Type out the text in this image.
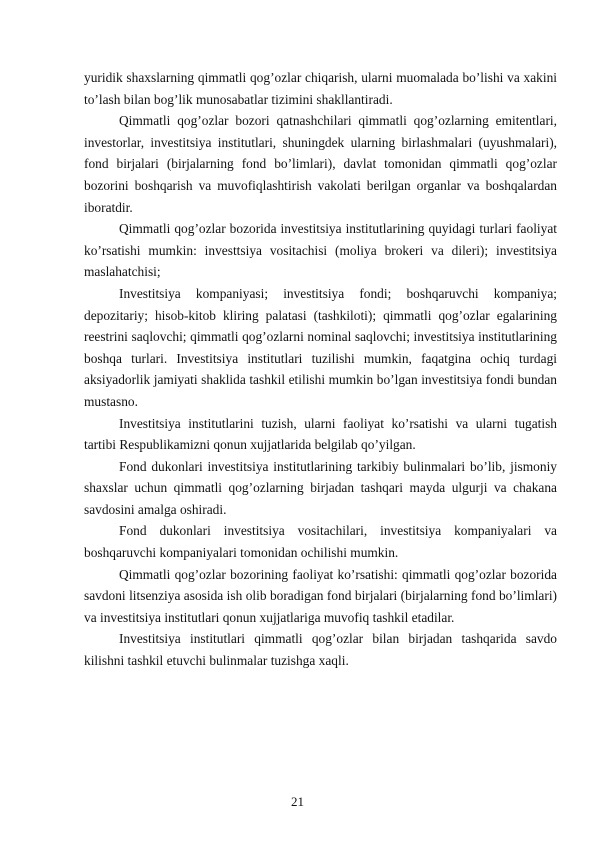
yuridik shaxslarning qimmatli qog’ozlar chiqarish, ularni muomalada bo’lishi va xakini to’lash bilan bog’lik munosabatlar tizimini shakllantiradi.

Qimmatli qog’ozlar bozori qatnashchilari qimmatli qog’ozlarning emitentlari, investorlar, investitsiya institutlari, shuningdek ularning birlashmalari (uyushmalari), fond birjalari (birjalarning fond bo’limlari), davlat tomonidan qimmatli qog’ozlar bozorini boshqarish va muvofiqlashtirish vakolati berilgan organlar va boshqalardan iboratdir.

Qimmatli qog’ozlar bozorida investitsiya institutlarining quyidagi turlari faoliyat ko’rsatishi mumkin: investtsiya vositachisi (moliya brokeri va dileri); investitsiya maslahatchisi;

Investitsiya kompaniyasi; investitsiya fondi; boshqaruvchi kompaniya; depozitariy; hisob-kitob kliring palatasi (tashkiloti); qimmatli qog’ozlar egalarining reestrini saqlovchi; qimmatli qog’ozlarni nominal saqlovchi; investitsiya institutlarining boshqa turlari. Investitsiya institutlari tuzilishi mumkin, faqatgina ochiq turdagi aksiyadorlik jamiyati shaklida tashkil etilishi mumkin bo’lgan investitsiya fondi bundan mustasno.

Investitsiya institutlarini tuzish, ularni faoliyat ko’rsatishi va ularni tugatish tartibi Respublikamizni qonun xujjatlarida belgilab qo’yilgan.

Fond dukonlari investitsiya institutlarining tarkibiy bulinmalari bo’lib, jismoniy shaxslar uchun qimmatli qog’ozlarning birjadan tashqari mayda ulgurji va chakana savdosini amalga oshiradi.

Fond dukonlari investitsiya vositachilari, investitsiya kompaniyalari va boshqaruvchi kompaniyalari tomonidan ochilishi mumkin.

Qimmatli qog’ozlar bozorining faoliyat ko’rsatishi: qimmatli qog’ozlar bozorida savdoni litsenziya asosida ish olib boradigan fond birjalari (birjalarning fond bo’limlari) va investitsiya institutlari qonun xujjatlariga muvofiq tashkil etadilar.

Investitsiya institutlari qimmatli qog’ozlar bilan birjadan tashqarida savdo kilishni tashkil etuvchi bulinmalar tuzishga xaqli.

21
